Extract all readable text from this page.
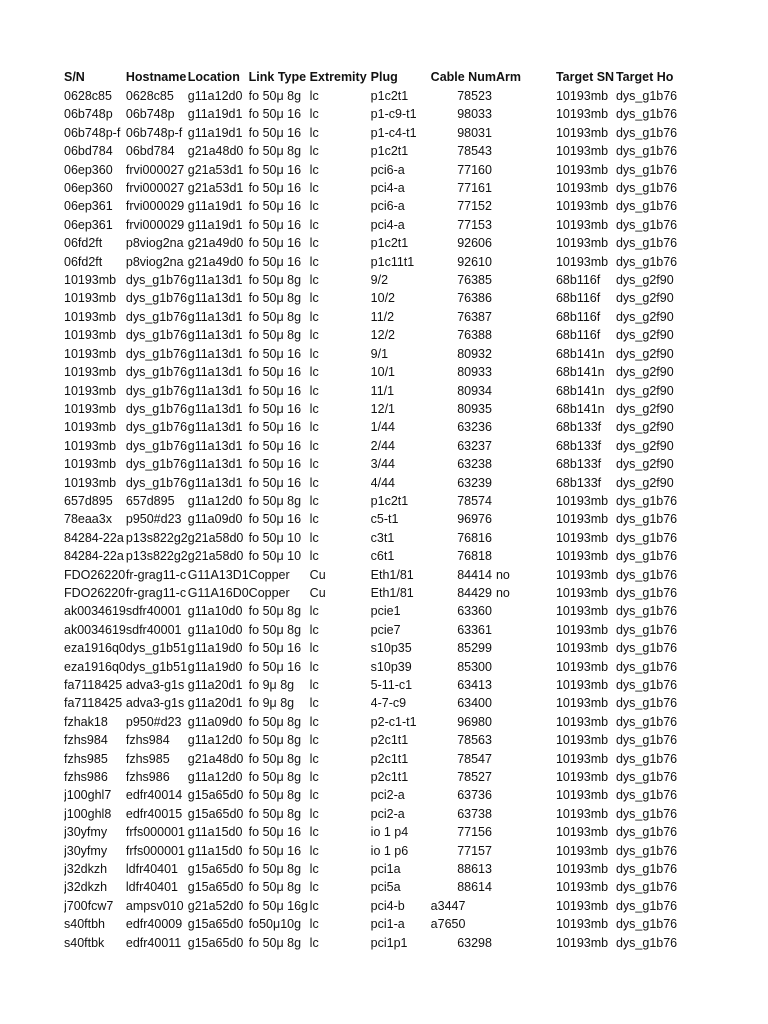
S/N	Hostname	Location	Link Type	Extremity	Plug	Cable Num	Arm	Target SN	Target Ho
0628c85	0628c85	g11a12d0	fo 50μ 8g	lc	p1c2t1	78523		10193mb	dys_g1b76
06b748p	06b748p	g11a19d1	fo 50μ 16	lc	p1-c9-t1	98033		10193mb	dys_g1b76
06b748p-f	06b748p-f	g11a19d1	fo 50μ 16	lc	p1-c4-t1	98031		10193mb	dys_g1b76
06bd784	06bd784	g21a48d0	fo 50μ 8g	lc	p1c2t1	78543		10193mb	dys_g1b76
06ep360	frvi000027	g21a53d1	fo 50μ 16	lc	pci6-a	77160		10193mb	dys_g1b76
06ep360	frvi000027	g21a53d1	fo 50μ 16	lc	pci4-a	77161		10193mb	dys_g1b76
06ep361	frvi000029	g11a19d1	fo 50μ 16	lc	pci6-a	77152		10193mb	dys_g1b76
06ep361	frvi000029	g11a19d1	fo 50μ 16	lc	pci4-a	77153		10193mb	dys_g1b76
06fd2ft	p8viog2na	g21a49d0	fo 50μ 16	lc	p1c2t1	92606		10193mb	dys_g1b76
06fd2ft	p8viog2na	g21a49d0	fo 50μ 16	lc	p1c11t1	92610		10193mb	dys_g1b76
10193mb	dys_g1b76	g11a13d1	fo 50μ 8g	lc	9/2	76385		68b116f	dys_g2f90
10193mb	dys_g1b76	g11a13d1	fo 50μ 8g	lc	10/2	76386		68b116f	dys_g2f90
10193mb	dys_g1b76	g11a13d1	fo 50μ 8g	lc	11/2	76387		68b116f	dys_g2f90
10193mb	dys_g1b76	g11a13d1	fo 50μ 8g	lc	12/2	76388		68b116f	dys_g2f90
10193mb	dys_g1b76	g11a13d1	fo 50μ 16	lc	9/1	80932		68b141n	dys_g2f90
10193mb	dys_g1b76	g11a13d1	fo 50μ 16	lc	10/1	80933		68b141n	dys_g2f90
10193mb	dys_g1b76	g11a13d1	fo 50μ 16	lc	11/1	80934		68b141n	dys_g2f90
10193mb	dys_g1b76	g11a13d1	fo 50μ 16	lc	12/1	80935		68b141n	dys_g2f90
10193mb	dys_g1b76	g11a13d1	fo 50μ 16	lc	1/44	63236		68b133f	dys_g2f90
10193mb	dys_g1b76	g11a13d1	fo 50μ 16	lc	2/44	63237		68b133f	dys_g2f90
10193mb	dys_g1b76	g11a13d1	fo 50μ 16	lc	3/44	63238		68b133f	dys_g2f90
10193mb	dys_g1b76	g11a13d1	fo 50μ 16	lc	4/44	63239		68b133f	dys_g2f90
657d895	657d895	g11a12d0	fo 50μ 8g	lc	p1c2t1	78574		10193mb	dys_g1b76
78eaa3x	p950#d23	g11a09d0	fo 50μ 16	lc	c5-t1	96976		10193mb	dys_g1b76
84284-22a	p13s822g2	g21a58d0	fo 50μ 10	lc	c3t1	76816		10193mb	dys_g1b76
84284-22a	p13s822g2	g21a58d0	fo 50μ 10	lc	c6t1	76818		10193mb	dys_g1b76
FDO26220	fr-grag11-c	G11A13D1	Copper	Cu	Eth1/81	84414	no	10193mb	dys_g1b76
FDO26220	fr-grag11-c	G11A16D0	Copper	Cu	Eth1/81	84429	no	10193mb	dys_g1b76
ak0034619	sdfr40001	g11a10d0	fo 50μ 8g	lc	pcie1	63360		10193mb	dys_g1b76
ak0034619	sdfr40001	g11a10d0	fo 50μ 8g	lc	pcie7	63361		10193mb	dys_g1b76
eza1916q0	dys_g1b51	g11a19d0	fo 50μ 16	lc	s10p35	85299		10193mb	dys_g1b76
eza1916q0	dys_g1b51	g11a19d0	fo 50μ 16	lc	s10p39	85300		10193mb	dys_g1b76
fa7118425	adva3-g1s	g11a20d1	fo 9μ 8g	lc	5-11-c1	63413		10193mb	dys_g1b76
fa7118425	adva3-g1s	g11a20d1	fo 9μ 8g	lc	4-7-c9	63400		10193mb	dys_g1b76
fzhak18	p950#d23	g11a09d0	fo 50μ 8g	lc	p2-c1-t1	96980		10193mb	dys_g1b76
fzhs984	fzhs984	g11a12d0	fo 50μ 8g	lc	p2c1t1	78563		10193mb	dys_g1b76
fzhs985	fzhs985	g21a48d0	fo 50μ 8g	lc	p2c1t1	78547		10193mb	dys_g1b76
fzhs986	fzhs986	g11a12d0	fo 50μ 8g	lc	p2c1t1	78527		10193mb	dys_g1b76
j100ghl7	edfr40014	g15a65d0	fo 50μ 8g	lc	pci2-a	63736		10193mb	dys_g1b76
j100ghl8	edfr40015	g15a65d0	fo 50μ 8g	lc	pci2-a	63738		10193mb	dys_g1b76
j30yfmy	frfs000001	g11a15d0	fo 50μ 16	lc	io 1 p4	77156		10193mb	dys_g1b76
j30yfmy	frfs000001	g11a15d0	fo 50μ 16	lc	io 1 p6	77157		10193mb	dys_g1b76
j32dkzh	ldfr40401	g15a65d0	fo 50μ 8g	lc	pci1a	88613		10193mb	dys_g1b76
j32dkzh	ldfr40401	g15a65d0	fo 50μ 8g	lc	pci5a	88614		10193mb	dys_g1b76
j700fcw7	ampsv010	g21a52d0	fo 50μ 16g	lc	pci4-b	a3447		10193mb	dys_g1b76
s40ftbh	edfr40009	g15a65d0	fo50μ10g	lc	pci1-a	a7650		10193mb	dys_g1b76
s40ftbk	edfr40011	g15a65d0	fo 50μ 8g	lc	pci1p1	63298		10193mb	dys_g1b76
